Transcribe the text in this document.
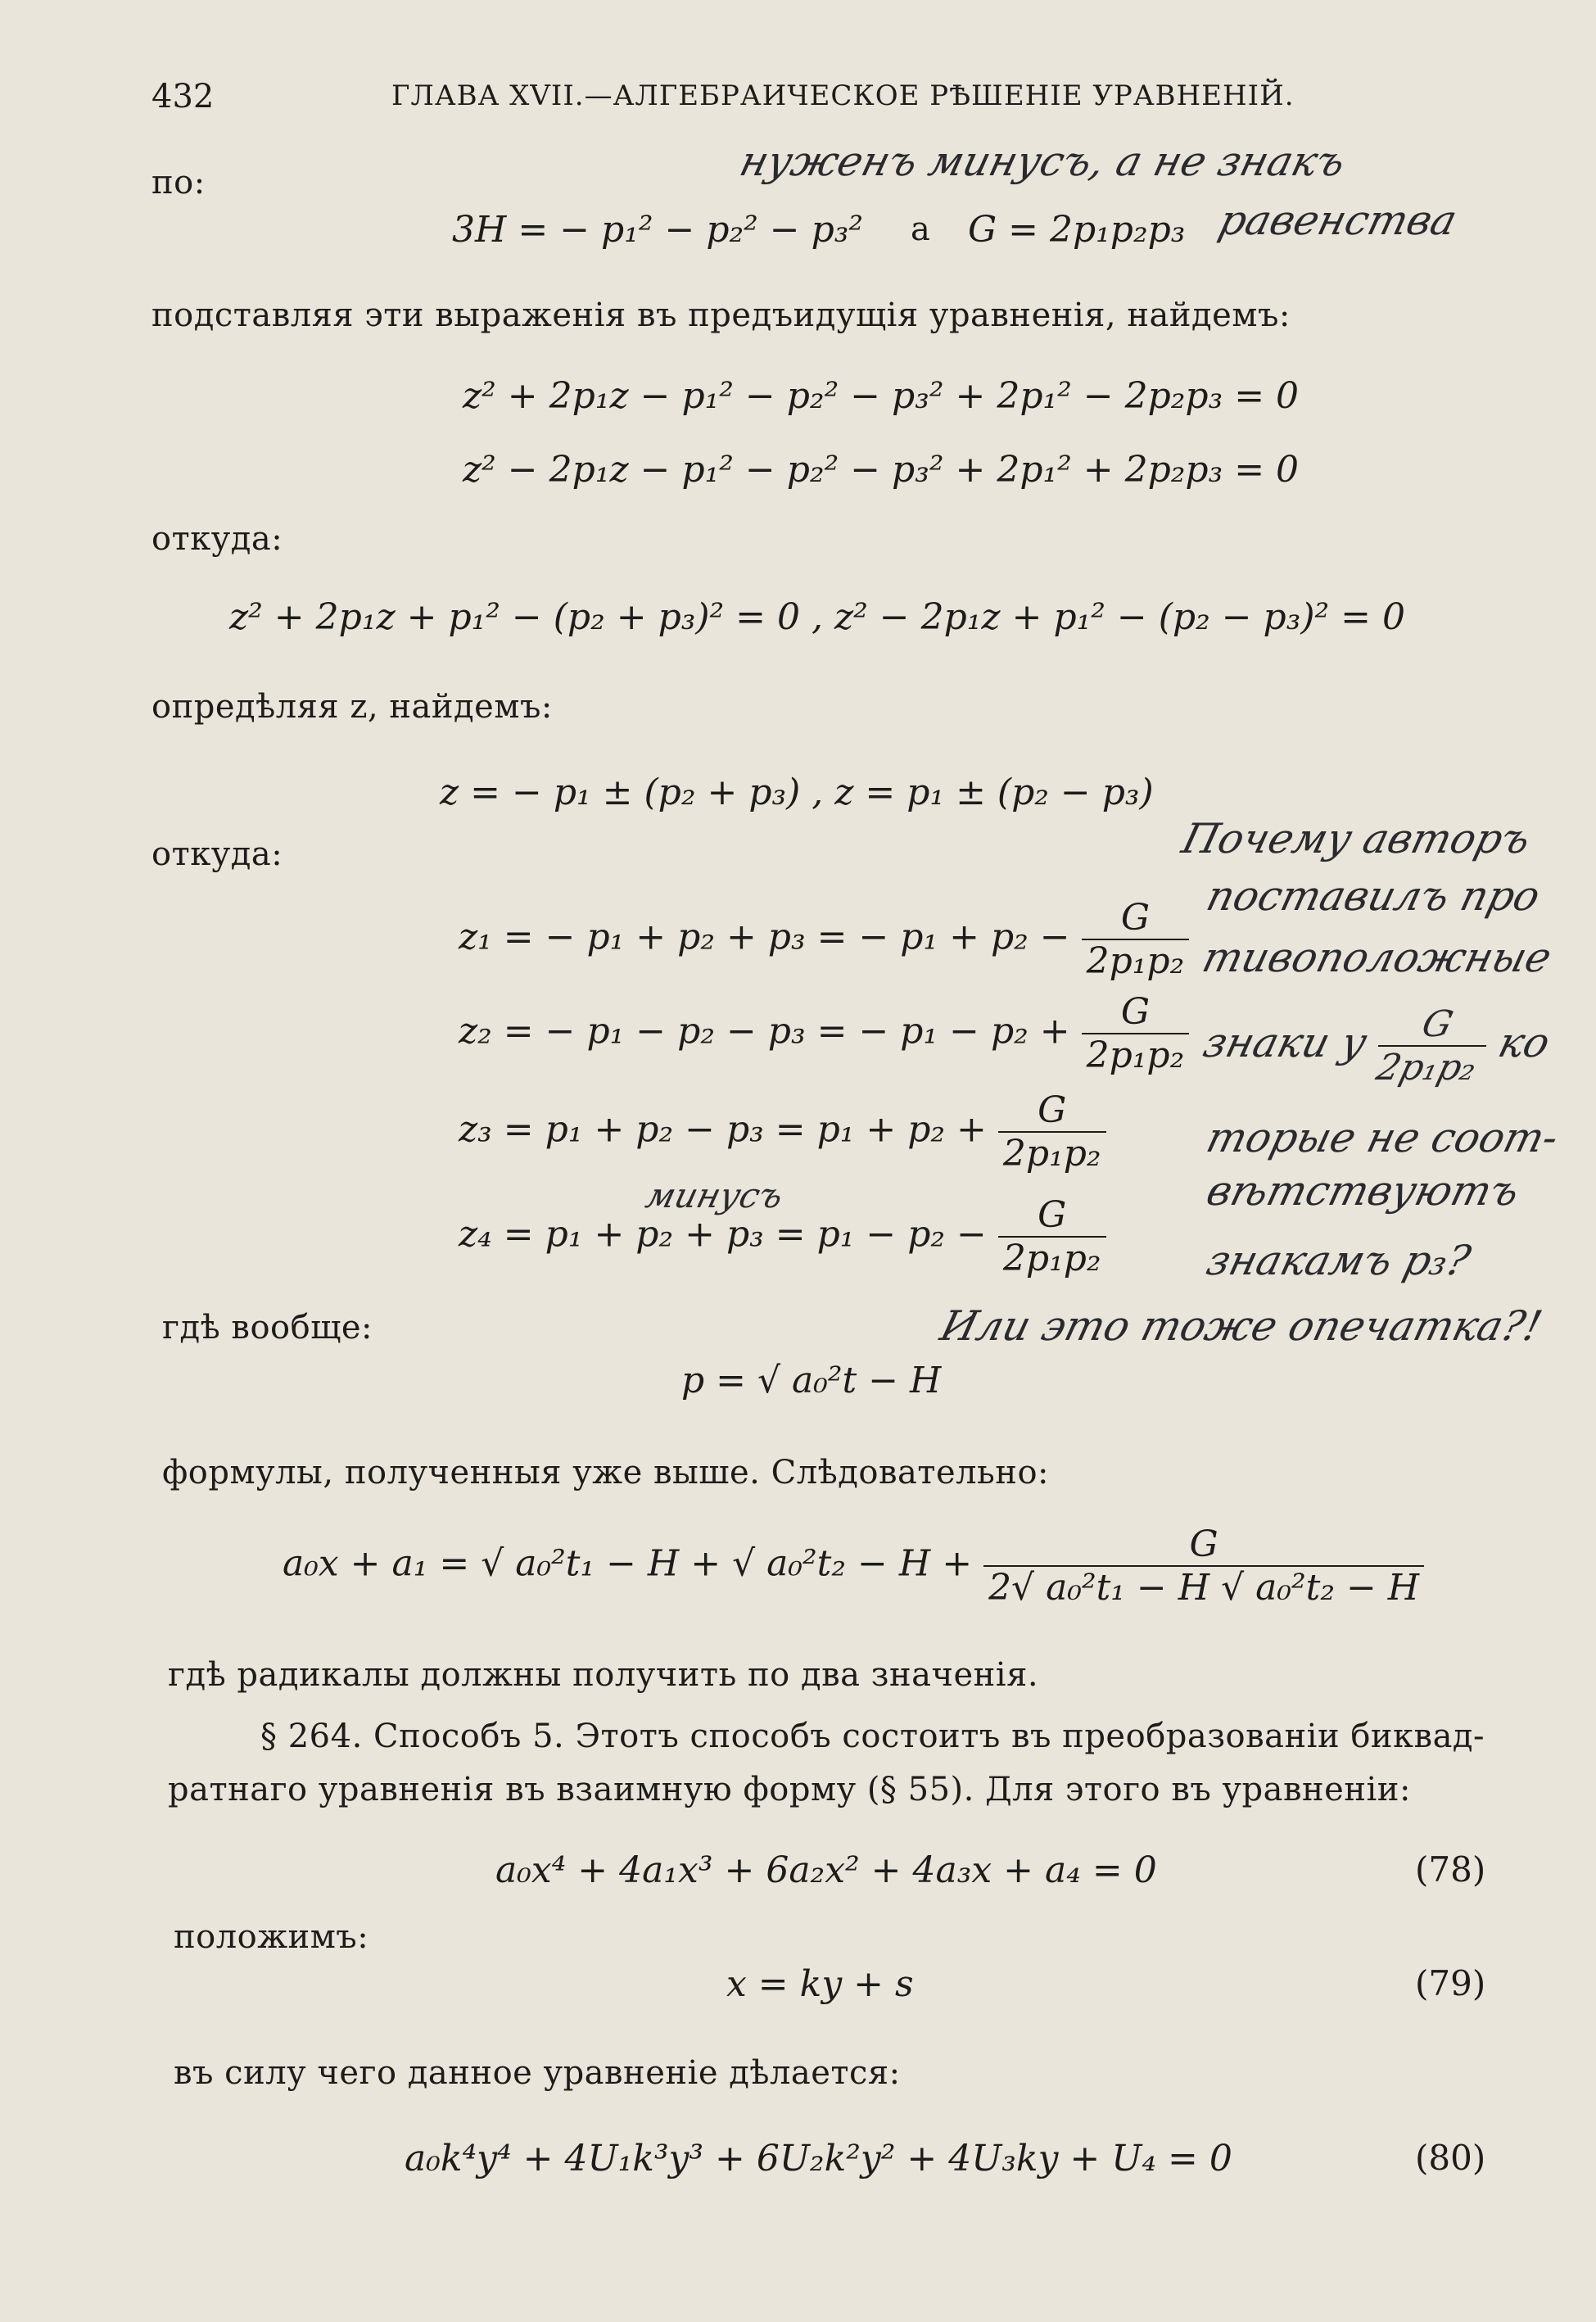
432	ГЛАВА XVII.—АЛГЕБРАИЧЕСКОЕ РѢШЕНІЕ УРАВНЕНІЙ.
нуженъ минусъ, а не знакъ
равенства
по:
3H = − p₁² − p₂² − p₃² а G = 2p₁p₂p₃
подставляя эти выраженія въ предъидущія уравненія, найдемъ:
z² + 2p₁z − p₁² − p₂² − p₃² + 2p₁² − 2p₂p₃ = 0
z² − 2p₁z − p₁² − p₂² − p₃² + 2p₁² + 2p₂p₃ = 0
откуда:
z² + 2p₁z + p₁² − (p₂ + p₃)² = 0 , z² − 2p₁z + p₁² − (p₂ − p₃)² = 0
опредѣляя z, найдемъ:
z = − p₁ ± (p₂ + p₃) , z = p₁ ± (p₂ − p₃)
откуда:
z₁ = − p₁ + p₂ + p₃ = − $p_1 + p_2 - \frac{G}{\text{2p₁p₂}}$
z₂ = − p₁ − p₂ − p₃ = − $p_1 - p_2 + \frac{G}{\text{2p₁p₂}}$
$z_3 = p_1 + p_2 - p_3 = p_1 + p_2 + \frac{G}{\text{2p₁p₂}}$
минусъ
$z_4 = p_1 + p_2 + p_3 = p_1 - p_2 - \frac{G}{\text{2p₁p₂}}$
Почему авторъ
поставилъ про
тивоположные
знаки у
$\frac{G}{\text{2p₁p₂}}$
ко
торые не соот-
вѣтствуютъ
знакамъ p₃?
Или это тоже опечатка?!
гдѣ вообще:
p = √ a₀²t − H
формулы, полученныя уже выше. Слѣдовательно:
a₀x + a₁ = √ a₀²t₁ − H + √ $a_0^2t_2 - H + \frac{G}{\text{2√ a₀²t₁ − H √ a₀²t₂ − H}}$
гдѣ радикалы должны получить по два значенія.
§ 264. Способъ 5. Этотъ способъ состоитъ въ преобразованіи биквад-
ратнаго уравненія въ взаимную форму (§ 55). Для этого въ уравненіи:
a₀x⁴ + 4a₁x³ + 6a₂x² + 4a₃x + a₄ = 0	(78)
положимъ:
x = ky + s	(79)
въ силу чего данное уравненіе дѣлается:
a₀k⁴y⁴ + 4U₁k³y³ + 6U₂k²y² + 4U₃ky + U₄ = 0	(80)
